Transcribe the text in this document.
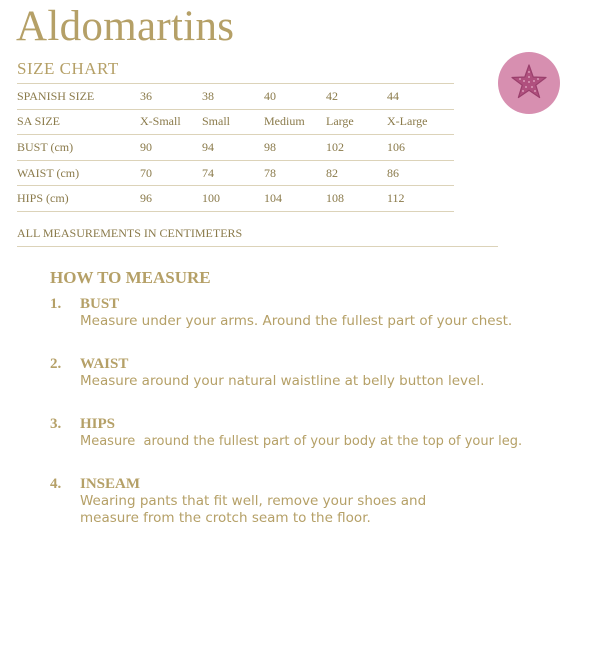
Aldomartins
SIZE CHART
SPANISH SIZE	36	38	40	42	44
SA SIZE	X-Small	Small	Medium	Large	X-Large
BUST (cm)	90	94	98	102	106
WAIST (cm)	70	74	78	82	86
HIPS (cm)	96	100	104	108	112
ALL MEASUREMENTS IN CENTIMETERS
HOW TO MEASURE
1. BUST
Measure under your arms. Around the fullest part of your chest.
2. WAIST
Measure around your natural waistline at belly button level.
3. HIPS
Measure  around the fullest part of your body at the top of your leg.
4. INSEAM
Wearing pants that fit well, remove your shoes and
measure from the crotch seam to the floor.
